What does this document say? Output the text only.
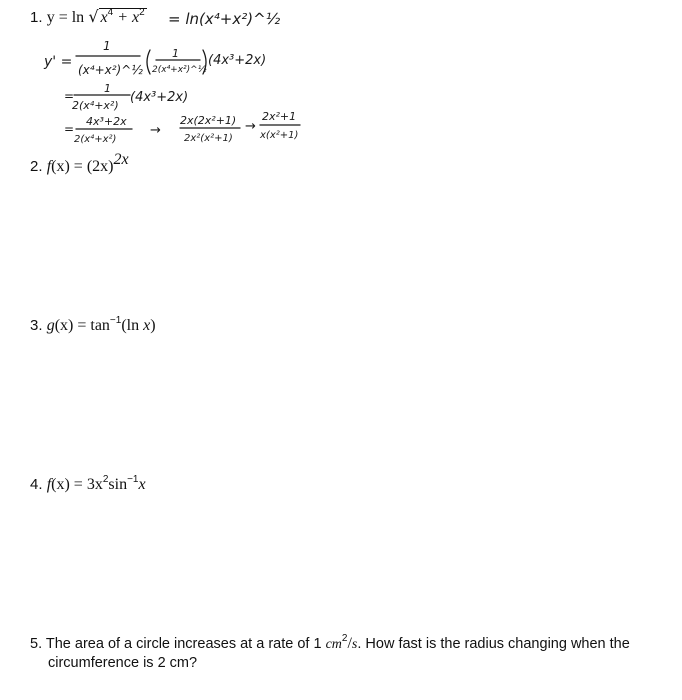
1. y = ln √ $x^4 + x^2$ = ln(x⁴+x²)^½
y' =
1
(x⁴+x²)^½
1
2(x⁴+x²)^½
(4x³+2x)
=
1
2(x⁴+x²)
(4x³+2x)
=
4x³+2x
2(x⁴+x²)
→
2x(2x²+1)
2x²(x²+1)
→
2x²+1
x(x²+1)
2. $f(x) = (2x)^{2x}$
3. $g(x) = \tan^{-1}(\ln$ x)
4. $f(x) = 3x^2\sin^{-1}x$
5. The area of a circle increases at a rate of 1 $cm^2/s$. How fast is the radius changing when the
circumference is 2 cm?
